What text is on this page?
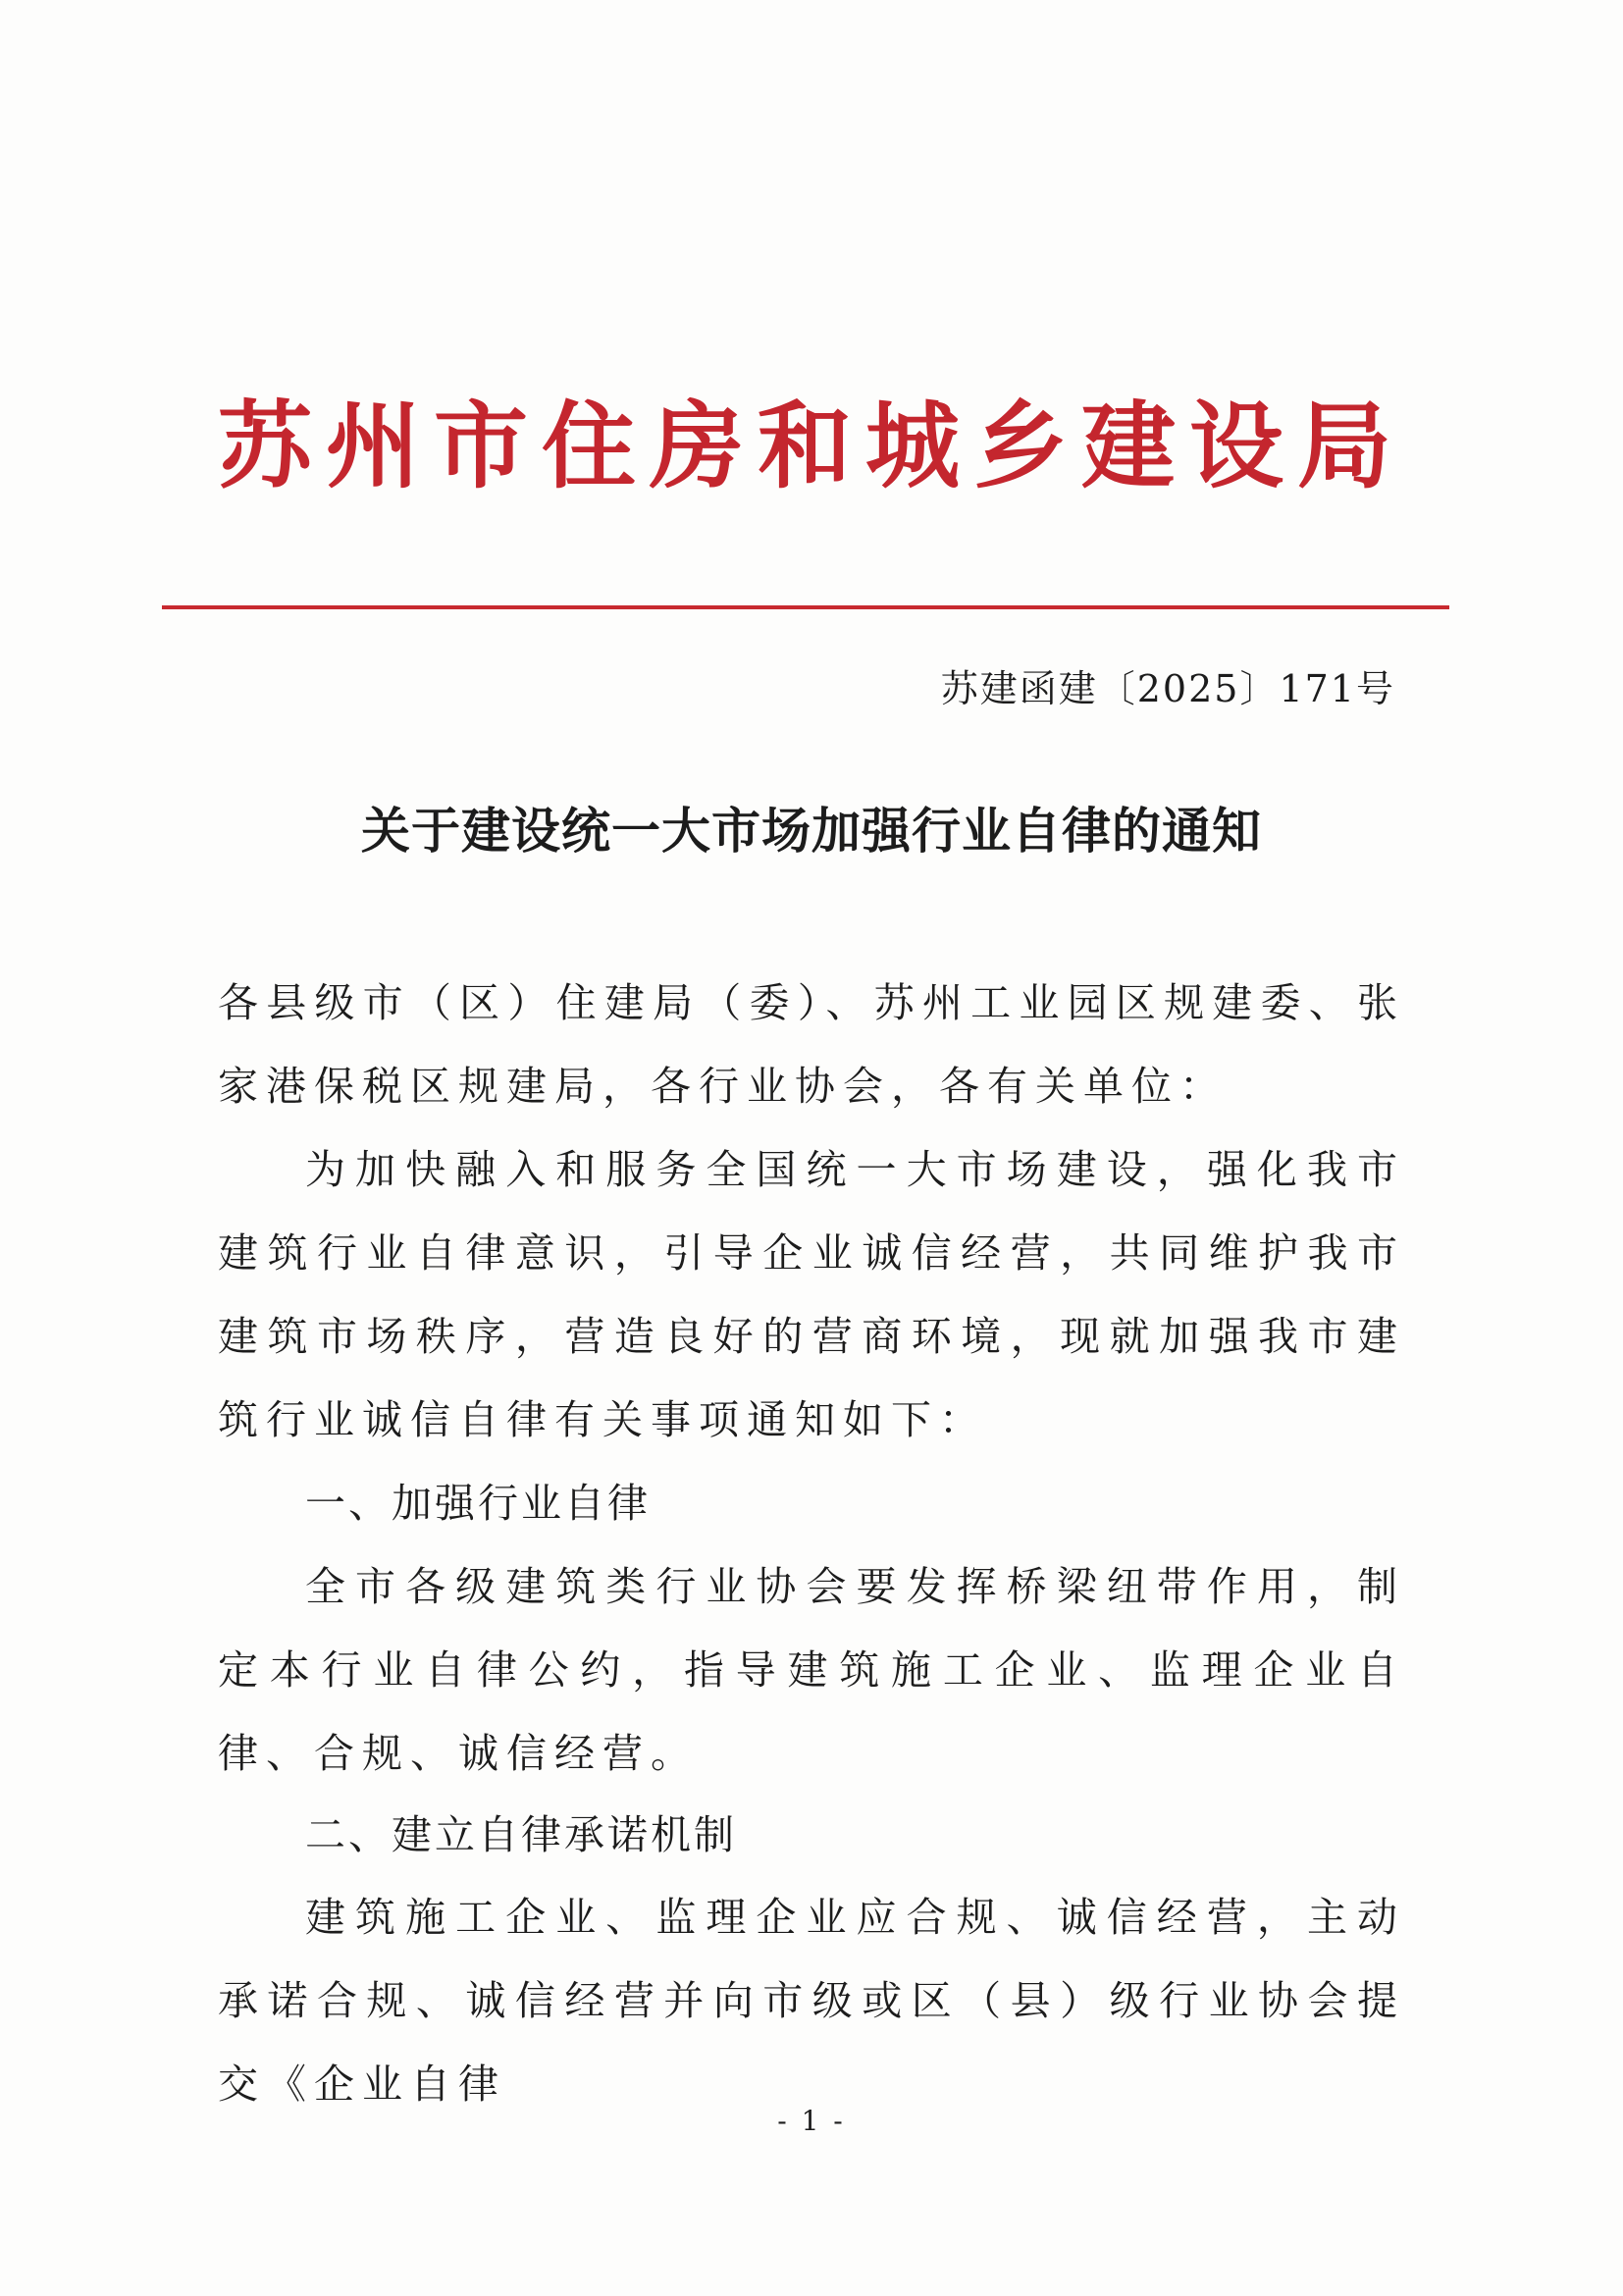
苏州市住房和城乡建设局
苏建函建〔2025〕171号
关于建设统一大市场加强行业自律的通知

各县级市（区）住建局（委）、苏州工业园区规建委、张家港保税区规建局，各行业协会，各有关单位：

为加快融入和服务全国统一大市场建设，强化我市建筑行业自律意识，引导企业诚信经营，共同维护我市建筑市场秩序，营造良好的营商环境，现就加强我市建筑行业诚信自律有关事项通知如下：

一、加强行业自律

全市各级建筑类行业协会要发挥桥梁纽带作用，制定本行业自律公约，指导建筑施工企业、监理企业自律、合规、诚信经营。

二、建立自律承诺机制

建筑施工企业、监理企业应合规、诚信经营，主动承诺合规、诚信经营并向市级或区（县）级行业协会提交《企业自律

- 1 -
